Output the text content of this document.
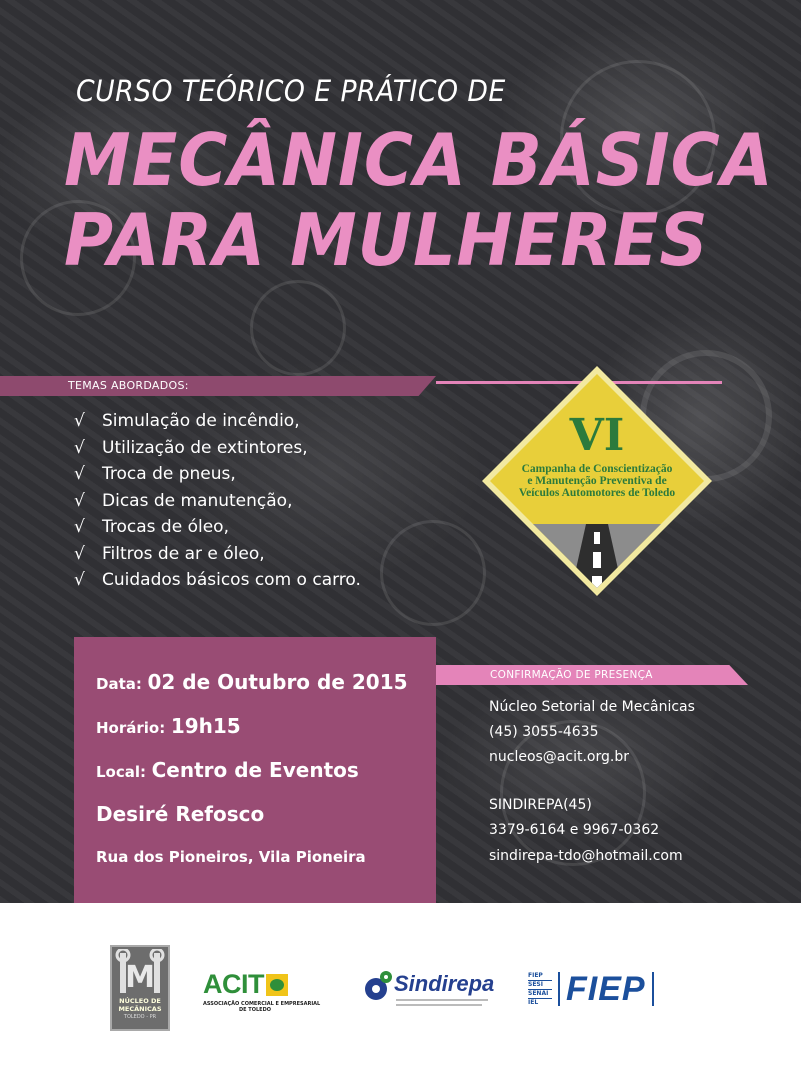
CURSO TEÓRICO E PRÁTICO DE
MECÂNICA BÁSICA
PARA MULHERES
TEMAS ABORDADOS:
√	Simulação de incêndio,
√	Utilização de extintores,
√	Troca de pneus,
√	Dicas de manutenção,
√	Trocas de óleo,
√	Filtros de ar e óleo,
√	Cuidados básicos com o carro.
VI
Campanha de Conscientização
e Manutenção Preventiva de
Veículos Automotores de Toledo
Data: 02 de Outubro de 2015
Horário: 19h15
Local: Centro de Eventos
Desiré Refosco
Rua dos Pioneiros, Vila Pioneira
CONFIRMAÇÃO DE PRESENÇA
Núcleo Setorial de Mecânicas
(45) 3055-4635
nucleos@acit.org.br
SINDIREPA(45)
3379-6164 e 9967-0362
sindirepa-tdo@hotmail.com
M
NÚCLEO DE
MECÂNICAS
TOLEDO - PR
ACIT
ASSOCIAÇÃO COMERCIAL E EMPRESARIAL
DE TOLEDO
Sindirepa	FIEP
SESI
SENAI
IEL FIEP
